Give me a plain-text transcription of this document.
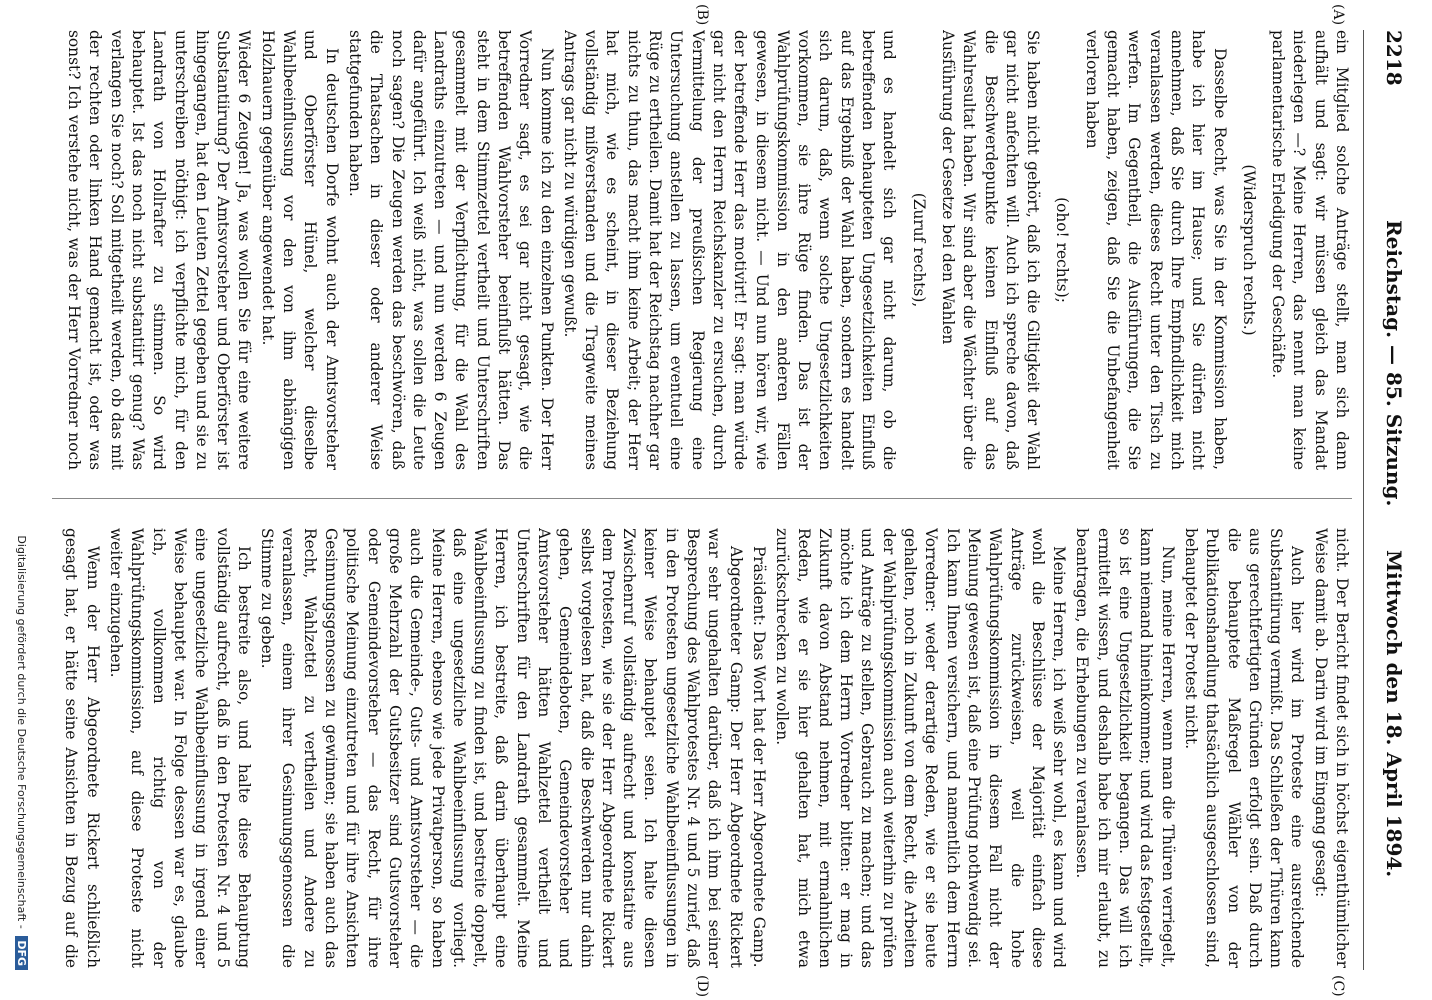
2218
Reichstag. — 85. Sitzung.
Mittwoch den 18. April 1894.
(A)
(B)
(C)
(D)

ein Mitglied solche Anträge stellt, man sich dann aufhält und sagt: wir müssen gleich das Mandat niederlegen —? Meine Herren, das nennt man keine parlamentarische Erledigung der Geschäfte.

(Widerspruch rechts.)

Dasselbe Recht, was Sie in der Kommission haben, habe ich hier im Hause; und Sie dürfen nicht annehmen, daß Sie durch Ihre Empfindlichkeit mich veranlassen werden, dieses Recht unter den Tisch zu werfen. Im Gegentheil, die Ausführungen, die Sie gemacht haben, zeigen, daß Sie die Unbefangenheit verloren haben

(oho! rechts);

Sie haben nicht gehört, daß ich die Giltigkeit der Wahl gar nicht anfechten will. Auch ich spreche davon, daß die Beschwerdepunkte keinen Einfluß auf das Wahlresultat haben. Wir sind aber die Wächter über die Ausführung der Gesetze bei den Wahlen

(Zuruf rechts),

und es handelt sich gar nicht darum, ob die betreffenden behaupteten Ungesetzlichkeiten Einfluß auf das Ergebniß der Wahl haben, sondern es handelt sich darum, daß, wenn solche Ungesetzlichkeiten vorkommen, sie ihre Rüge finden. Das ist der Wahlprüfungskommission in den anderen Fällen gewesen, in diesem nicht. — Und nun hören wir, wie der betreffende Herr das motivirt! Er sagt: man würde gar nicht den Herrn Reichskanzler zu ersuchen, durch Vermittelung der preußischen Regierung eine Untersuchung anstellen zu lassen, um eventuell eine Rüge zu ertheilen. Damit hat der Reichstag nachher gar nichts zu thun, das macht ihm keine Arbeit; der Herr hat mich, wie es scheint, in dieser Beziehung vollständig mißverstanden und die Tragweite meines Antrags gar nicht zu würdigen gewußt.

Nun komme ich zu den einzelnen Punkten. Der Herr Vorredner sagt, es sei gar nicht gesagt, wie die betreffenden Wahlvorsteher beeinflußt hätten. Das steht in dem Stimmzettel vertheilt und Unterschriften gesammelt mit der Verpflichtung, für die Wahl des Landraths einzutreten — und nun werden 6 Zeugen dafür angeführt. Ich weiß nicht, was sollen die Leute noch sagen? Die Zeugen werden das beschwören, daß die Thatsachen in dieser oder anderer Weise stattgefunden haben.

In deutschen Dorfe wohnt auch der Amtsvorsteher und Oberförster Hünel, welcher dieselbe Wahlbeeinflussung vor den von ihm abhängigen Holzhauern gegenüber angewendet hat.

Wieder 6 Zeugen! Ja, was wollen Sie für eine weitere Substantiirung? Der Amtsvorsteher und Oberförster ist hingegangen, hat den Leuten Zettel gegeben und sie zu unterschreiben nöthigt: ich verpflichte mich, für den Landrath von Hollrafter zu stimmen. So wird behauptet. Ist das noch nicht substantiirt genug? Was verlangen Sie noch? Soll mitgetheilt werden, ob das mit der rechten oder linken Hand gemacht ist, oder was sonst? Ich verstehe nicht, was der Herr Vorredner noch

nicht. Der Bericht findet sich in höchst eigenthümlicher Weise damit ab. Darin wird im Eingang gesagt:

Auch hier wird im Proteste eine ausreichende Substantiirung vermißt. Das Schließen der Thüren kann aus gerechtfertigten Gründen erfolgt sein. Daß durch die behauptete Maßregel Wähler von der Publikationshandlung thatsächlich ausgeschlossen sind, behauptet der Protest nicht.

Nun, meine Herren, wenn man die Thüren verriegelt, kann niemand hineinkommen; und wird das festgestellt, so ist eine Ungesetzlichkeit begangen. Das will ich ermittelt wissen, und deshalb habe ich mir erlaubt, zu beantragen, die Erhebungen zu veranlassen.

Meine Herren, ich weiß sehr wohl, es kann und wird wohl die Beschlüsse der Majorität einfach diese Anträge zurückweisen, weil die hohe Wahlprüfungskommission in diesem Fall nicht der Meinung gewesen ist, daß eine Prüfung nothwendig sei. Ich kann Ihnen versichern, und namentlich dem Herrn Vorredner: weder derartige Reden, wie er sie heute gehalten, noch in Zukunft von dem Recht, die Arbeiten der Wahlprüfungskommission auch weiterhin zu prüfen und Anträge zu stellen, Gebrauch zu machen; und das möchte ich dem Herrn Vorredner bitten: er mag in Zukunft davon Abstand nehmen, mit ermahnlichen Reden, wie er sie hier gehalten hat, mich etwa zurückschrecken zu wollen.

Präsident: Das Wort hat der Herr Abgeordnete Gamp.

Abgeordneter Gamp: Der Herr Abgeordnete Rickert war sehr ungehalten darüber, daß ich ihm bei seiner Besprechung des Wahlprotestes Nr. 4 und 5 zurief, daß in den Protesten ungesetzliche Wahlbeeinflussungen in keiner Weise behauptet seien. Ich halte diesen Zwischenruf vollständig aufrecht und konstatire aus dem Protesten, wie sie der Herr Abgeordnete Rickert selbst vorgelesen hat, daß die Beschwerden nur dahin gehen, Gemeindeboten, Gemeindevorsteher und Amtsvorsteher hätten Wahlzettel vertheilt und Unterschriften für den Landrath gesammelt. Meine Herren, ich bestreite, daß darin überhaupt eine Wahlbeeinflussung zu finden ist, und bestreite doppelt, daß eine ungesetzliche Wahlbeeinflussung vorliegt. Meine Herren, ebenso wie jede Privatperson, so haben auch die Gemeinde-, Guts- und Amtsvorsteher — die große Mehrzahl der Gutsbesitzer sind Gutsvorsteher oder Gemeindevorsteher — das Recht, für ihre politische Meinung einzutreten und für ihre Ansichten Gesinnungsgenossen zu gewinnen; sie haben auch das Recht, Wahlzettel zu vertheilen und Andere zu veranlassen, einem ihrer Gesinnungsgenossen die Stimme zu geben.

Ich bestreite also, und halte diese Behauptung vollständig aufrecht, daß in den Protesten Nr. 4 und 5 eine ungesetzliche Wahlbeeinflussung in irgend einer Weise behauptet war. In Folge dessen war es, glaube ich, vollkommen richtig von der Wahlprüfungskommission, auf diese Proteste nicht weiter einzugehen.

Wenn der Herr Abgeordnete Rickert schließlich gesagt hat, er hätte seine Ansichten in Bezug auf die

Digitalisierung gefördert durch die Deutsche Forschungsgemeinschaft - DFG
